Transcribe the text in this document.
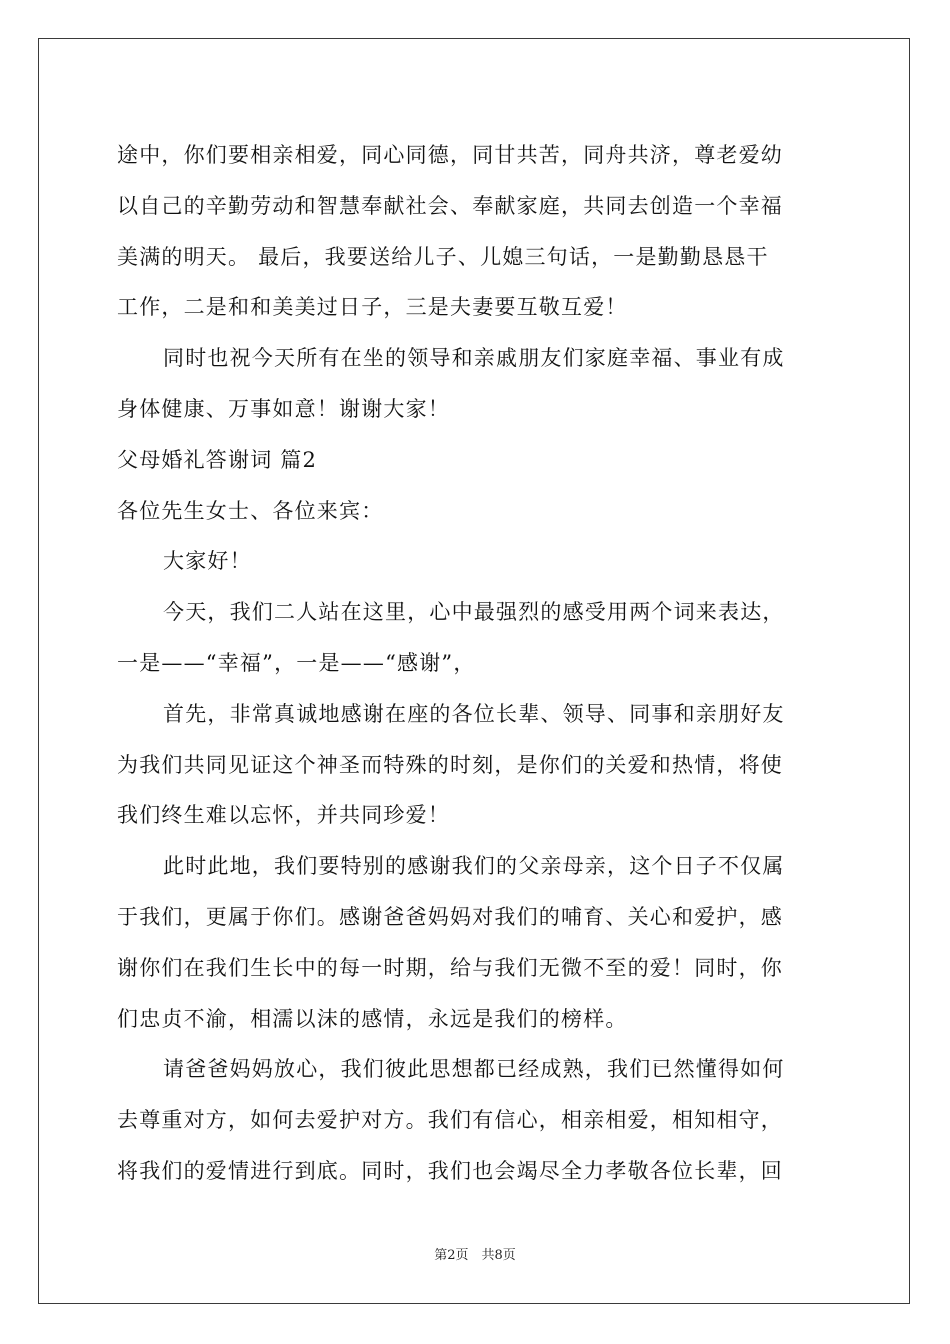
途中，你们要相亲相爱，同心同德，同甘共苦，同舟共济，尊老爱幼
以自己的辛勤劳动和智慧奉献社会、奉献家庭，共同去创造一个幸福
美满的明天。 最后，我要送给儿子、儿媳三句话，一是勤勤恳恳干
工作，二是和和美美过日子，三是夫妻要互敬互爱！
同时也祝今天所有在坐的领导和亲戚朋友们家庭幸福、事业有成
身体健康、万事如意！谢谢大家！
父母婚礼答谢词 篇2
各位先生女士、各位来宾：
大家好！
今天，我们二人站在这里，心中最强烈的感受用两个词来表达，
一是——“幸福”，一是——“感谢”，
首先，非常真诚地感谢在座的各位长辈、领导、同事和亲朋好友
为我们共同见证这个神圣而特殊的时刻，是你们的关爱和热情，将使
我们终生难以忘怀，并共同珍爱！
此时此地，我们要特别的感谢我们的父亲母亲，这个日子不仅属
于我们，更属于你们。感谢爸爸妈妈对我们的哺育、关心和爱护，感
谢你们在我们生长中的每一时期，给与我们无微不至的爱！同时，你
们忠贞不渝，相濡以沫的感情，永远是我们的榜样。
请爸爸妈妈放心，我们彼此思想都已经成熟，我们已然懂得如何
去尊重对方，如何去爱护对方。我们有信心，相亲相爱，相知相守，
将我们的爱情进行到底。同时，我们也会竭尽全力孝敬各位长辈，回
第2页　共8页
